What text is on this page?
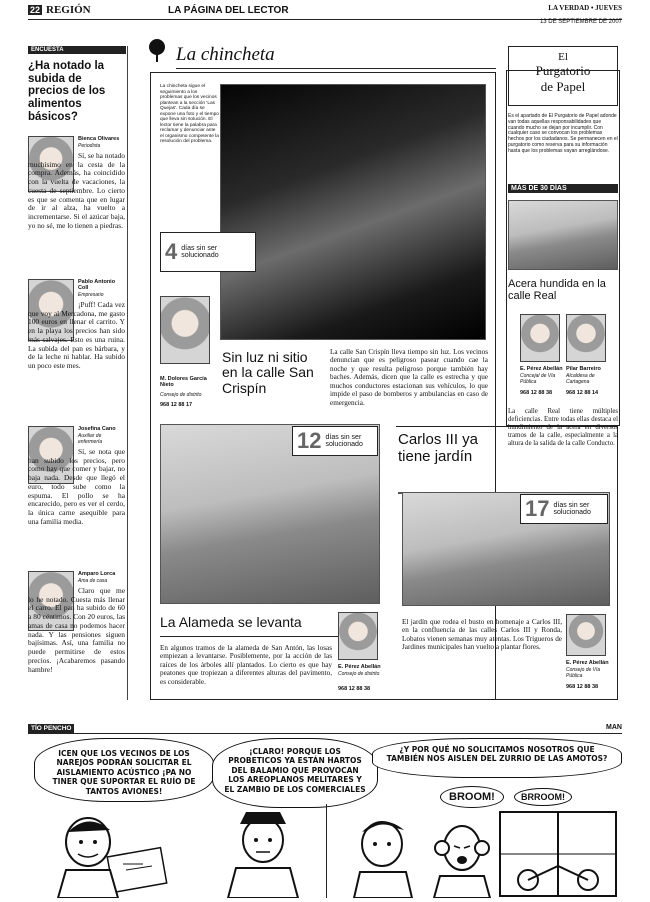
22 REGIÓN	LA PÁGINA DEL LECTOR	LA VERDAD • JUEVES
13 DE SEPTIEMBRE DE 2007
ENCUESTA
¿Ha notado la subida de precios de los alimentos básicos?
Bienca Olivares
Periodista
Sí, se ha notado muchísimo en la cesta de la compra. Además, ha coincidido con la vuelta de vacaciones, la cuesta de septiembre. Lo cierto es que se comenta que en lugar de ir al alza, ha vuelto a incrementarse. Si el azúcar baja, yo no sé, me lo tienen a piedras.
Pablo Antonio Coll
Empresario
¡Puff! Cada vez que voy al Mercadona, me gasto 100 euros en llenar el carrito. Y en la playa los precios han sido más salvajes. Esto es una ruina. La subida del pan es bárbara, y de la leche ni hablar. Ha subido un poco este mes.
Josefina Cano
Auxiliar de enfermería
Sí, se nota que han subido los precios, pero como hay que comer y bajar, no baja nada. Desde que llegó el euro, todo sube como la espuma. El pollo se ha encarecido, pero es ver el cerdo, la única carne asequible para una familia media.
Amparo Lorca
Ama de casa
Claro que me lo he notado. Cuesta más llenar el carro. El pan ha subido de 60 a 80 céntimos. Con 20 euros, las amas de casa no podemos hacer nada. Y las pensiones siguen bajísimas. Así, una familia no puede permitirse de estos precios. ¡Acabaremos pasando hambre!
La chincheta
La chincheta sigue el seguimiento a los problemas que los vecinos plantean a la sección 'Las Quejas'. Cada día se expone una foto y el tiempo que lleva sin solución. El lector tiene la palabra para reclamar y denunciar ante el organismo competente la resolución del problema.
4 días sin ser solucionado
M. Dolores García Nieto
Consejo de distrito
968 12 88 17
Sin luz ni sitio en la calle San Crispín
La calle San Crispín lleva tiempo sin luz. Los vecinos denuncian que es peligroso pasear cuando cae la noche y que resulta peligroso porque también hay baches. Además, dicen que la calle es estrecha y que muchos conductores estacionan sus vehículos, lo que impide el paso de bomberos y ambulancias en caso de emergencia.
12 días sin ser solucionado
La Alameda se levanta
En algunos tramos de la alameda de San Antón, las losas empiezan a levantarse. Posiblemente, por la acción de las raíces de los árboles allí plantados. Lo cierto es que hay peatones que tropiezan a diferentes alturas del pavimento, es considerable.
E. Pérez Abellán
Consejo de distrito
968 12 88 38
Carlos III ya tiene jardín
17 días sin ser solucionado
El jardín que rodea el busto en homenaje a Carlos III, en la confluencia de las calles Carlos III y Ronda, Lobatos vienen semanas muy atentas. Los Trigueros de Jardines municipales han vuelto a plantar flores.
E. Pérez Abellán
Consejo de Vía Pública
968 12 88 38
El
Purgatorio
de Papel
Es el apartado de El Purgatorio de Papel adonde van todas aquellas responsabilidades que cuando mucho se dejan por incumplir. Con cualquier caso se convocan los problemas hechos por los ciudadanos. Se permanecen en el purgatorio como reserva para su información hasta que los problemas vayan arreglándose.
MÁS DE 30 DÍAS
Acera hundida en la calle Real
E. Pérez Abellán
Concejal de Vía Pública
968 12 88 38
Pilar Barreiro
Alcaldesa de Cartagena
968 12 88 14
La calle Real tiene múltiples deficiencias. Entre todas ellas destaca el hundimiento de la acera en diversos tramos de la calle, especialmente a la altura de la salida de la calle Conducto.
TÍO PENCHO	MAN
ICEN QUE LOS VECINOS DE LOS NAREJOS PODRÁN SOLICITAR EL AISLAMIENTO ACÚSTICO ¡PA NO TINER QUE SUPORTAR EL RUÍO DE TANTOS AVIONES!
¡CLARO! PORQUE LOS PROBETICOS YA ESTÁN HARTOS DEL BALAMIO QUE PROVOCAN LOS AREOPLANOS MELITARES Y EL ZAMBIO DE LOS COMERCIALES
¿Y POR QUÉ NO SOLICITAMOS NOSOTROS QUE TAMBIÉN NOS AISLEN DEL ZURRIO DE LAS AMOTOS?
BROOM!	BRROOM!
